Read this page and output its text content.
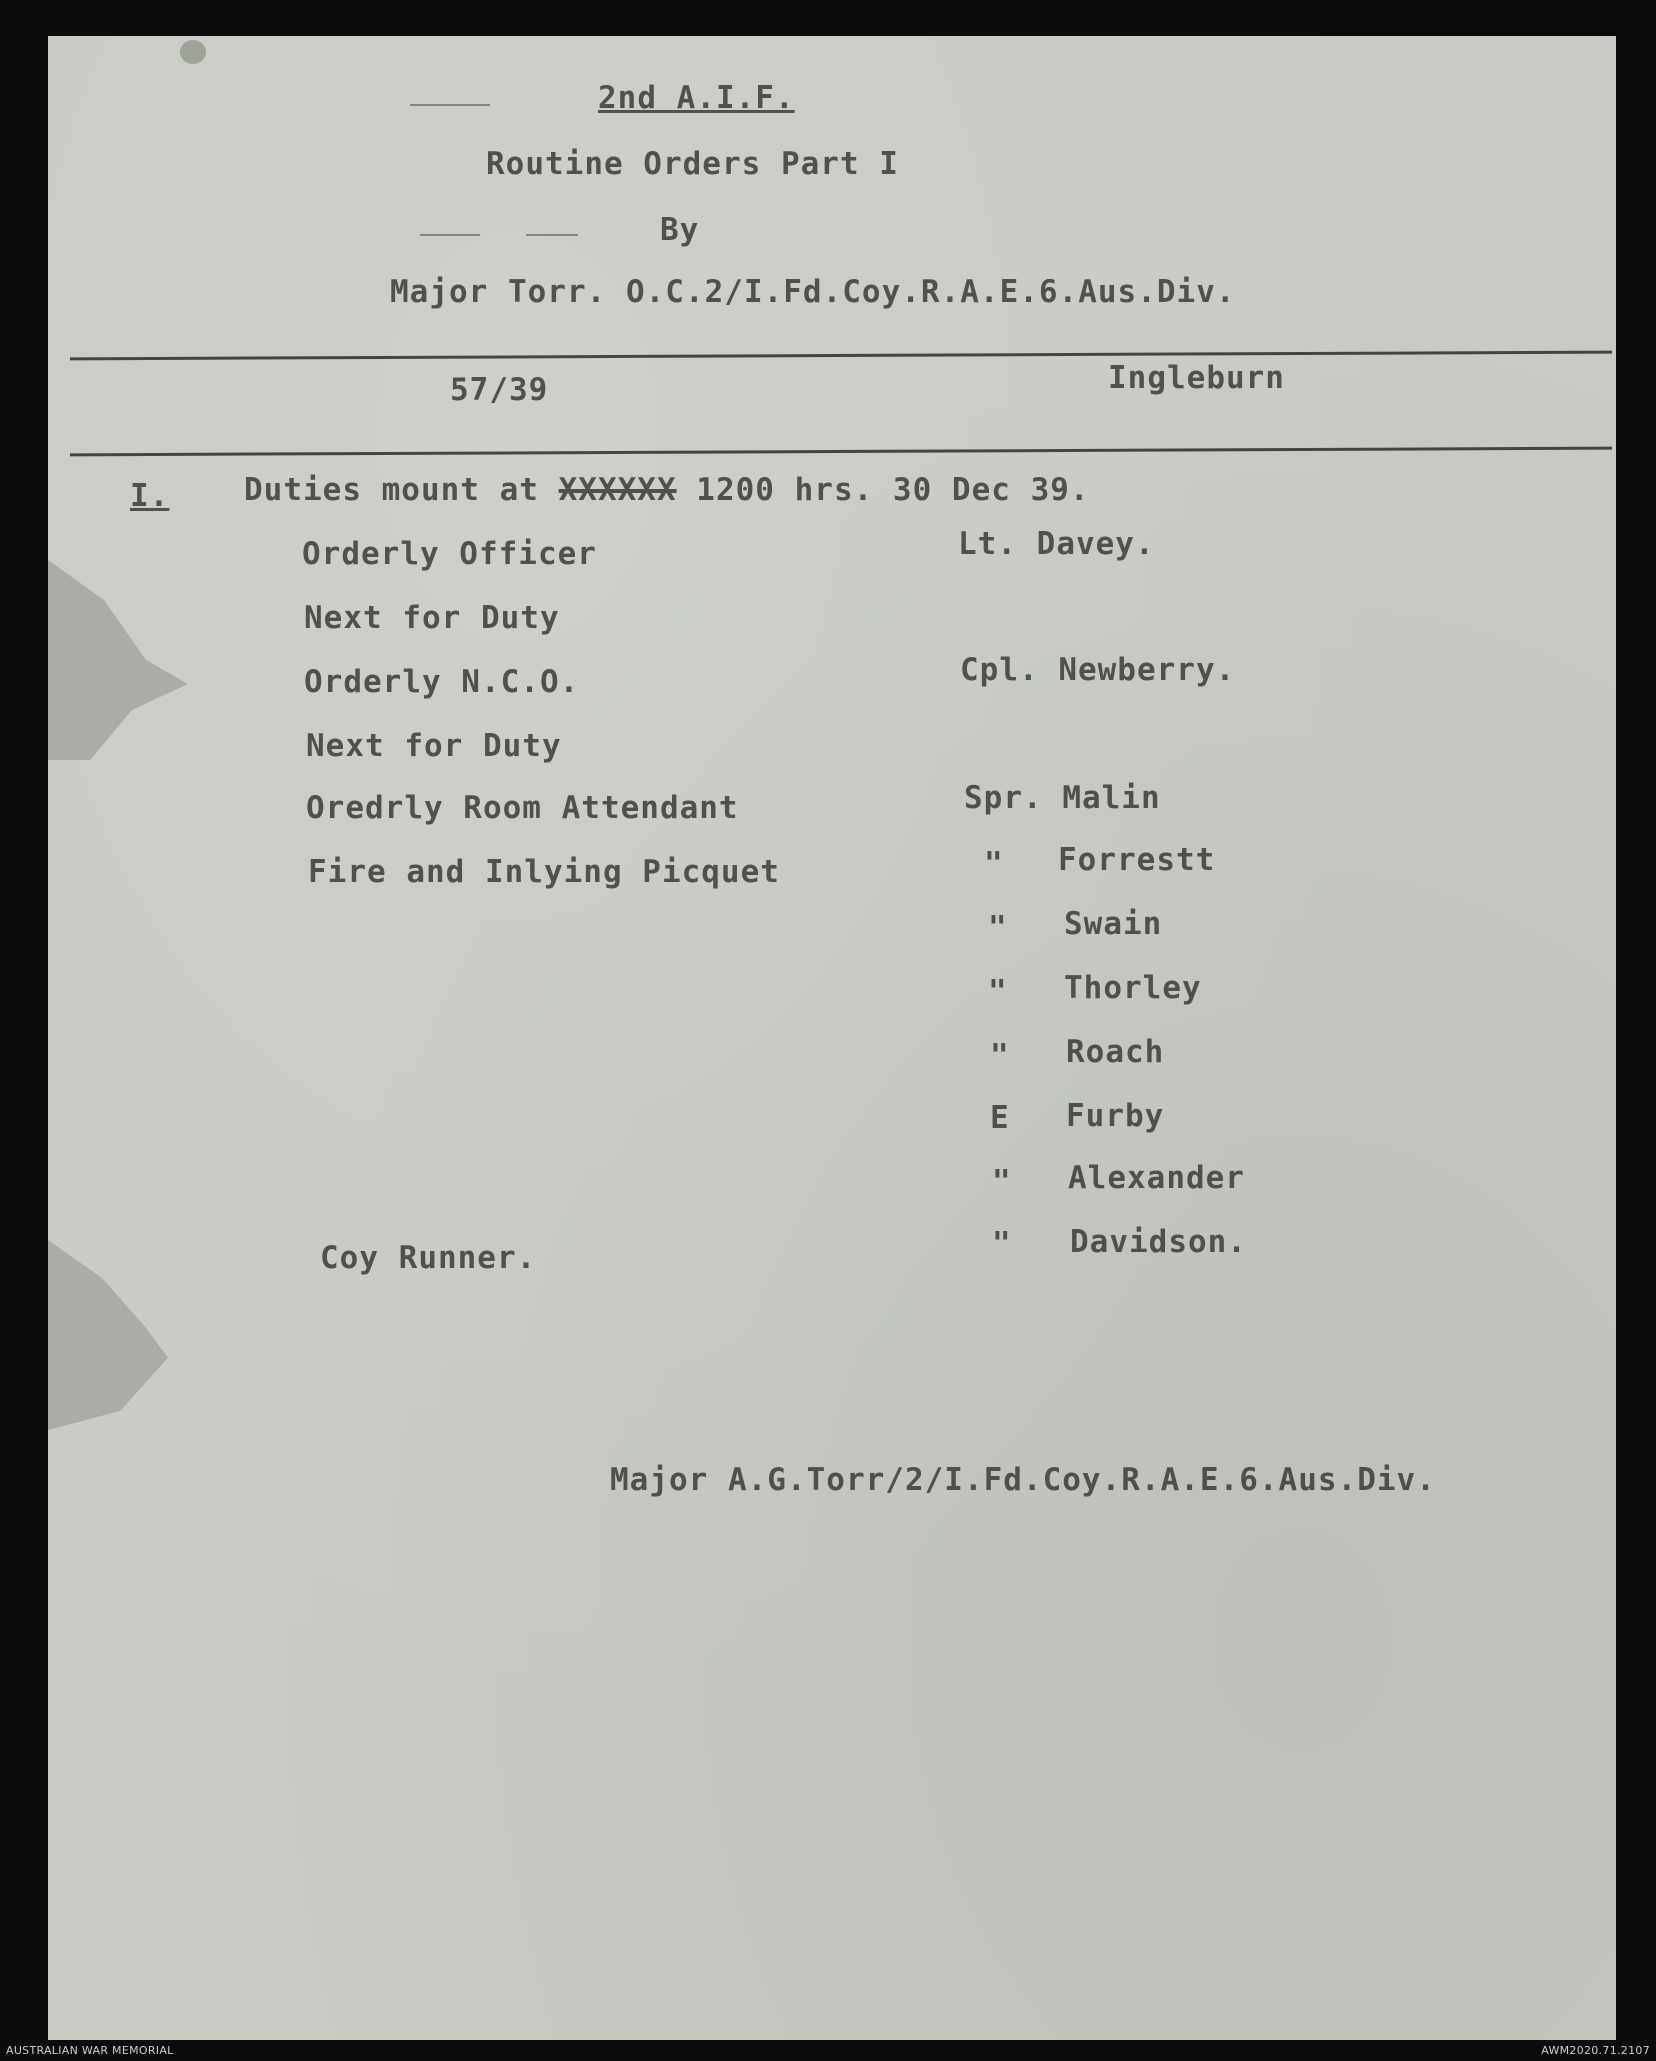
2nd A.I.F.
Routine Orders Part I
By
Major Torr. O.C.2/I.Fd.Coy.R.A.E.6.Aus.Div.
57/39	Ingleburn
I. Duties mount at XXXXXX 1200 hrs. 30 Dec 39.
Orderly Officer	Lt. Davey.
Next for Duty
Orderly N.C.O.	Cpl. Newberry.
Next for Duty
Oredrly Room Attendant	Spr. Malin
Fire and Inlying Picquet	" Forrestt
" Swain
" Thorley
" Roach
E Furby
" Alexander
Coy Runner.	" Davidson.
Major A.G.Torr/2/I.Fd.Coy.R.A.E.6.Aus.Div.
AUSTRALIAN WAR MEMORIAL	AWM2020.71.2107
